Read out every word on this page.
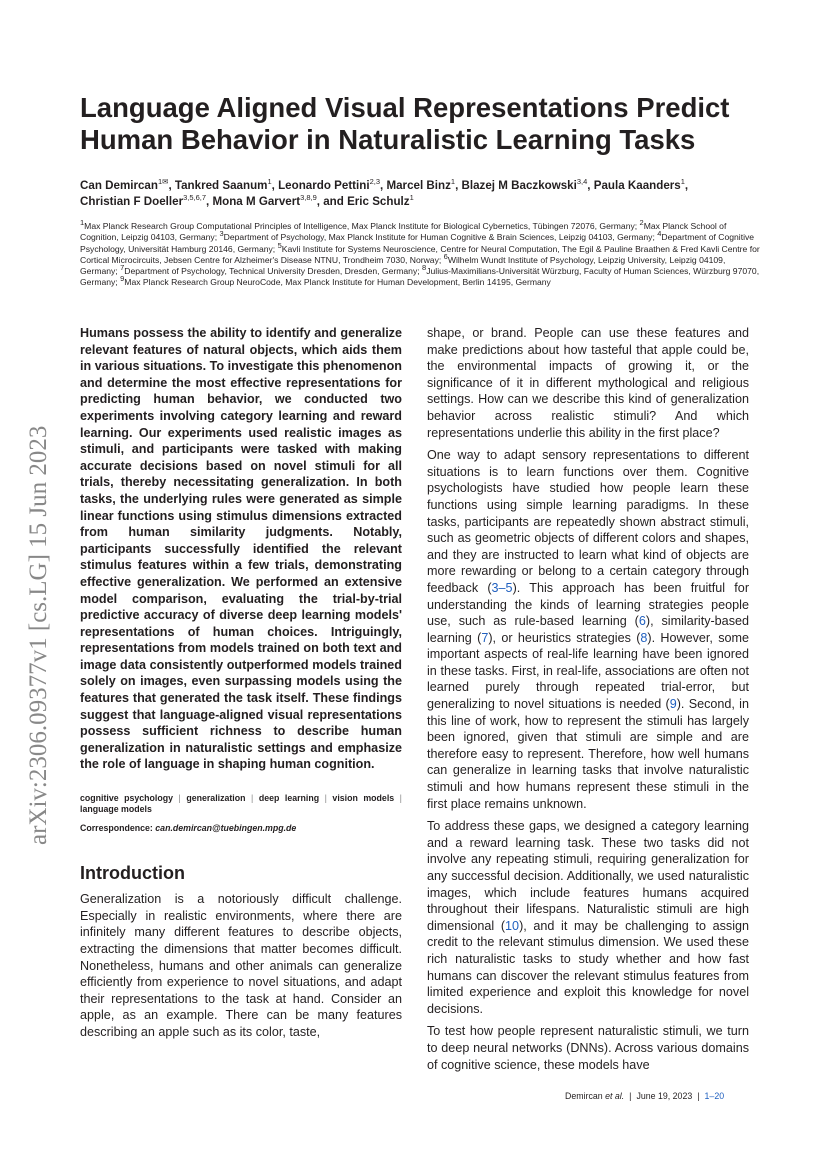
arXiv:2306.09377v1 [cs.LG] 15 Jun 2023
Language Aligned Visual Representations Predict Human Behavior in Naturalistic Learning Tasks
Can Demircan$^{1✉}$, Tankred Saanum$^1$, Leonardo Pettini$^{2,3}$, Marcel Binz$^1$, Blazej M Baczkowski$^{3,4}$, Paula Kaanders$^1$,
Christian F Doeller$^{3,5,6,7}$, Mona M Garvert$^{3,8,9}$, and Eric Schulz$^1$
$^1$Max Planck Research Group Computational Principles of Intelligence, Max Planck Institute for Biological Cybernetics, Tübingen 72076, Germany; $^2$Max Planck School of Cognition, Leipzig 04103, Germany; $^3$Department of Psychology, Max Planck Institute for Human Cognitive & Brain Sciences, Leipzig 04103, Germany; $^4$Department of Cognitive Psychology, Universität Hamburg 20146, Germany; $^5$Kavli Institute for Systems Neuroscience, Centre for Neural Computation, The Egil & Pauline Braathen & Fred Kavli Centre for Cortical Microcircuits, Jebsen Centre for Alzheimer's Disease NTNU, Trondheim 7030, Norway; $^6$Wilhelm Wundt Institute of Psychology, Leipzig University, Leipzig 04109, Germany; $^7$Department of Psychology, Technical University Dresden, Dresden, Germany; $^8$Julius-Maximilians-Universität Würzburg, Faculty of Human Sciences, Würzburg 97070, Germany; $^9$Max Planck Research Group NeuroCode, Max Planck Institute for Human Development, Berlin 14195, Germany

Humans possess the ability to identify and generalize relevant features of natural objects, which aids them in various situations. To investigate this phenomenon and determine the most effective representations for predicting human behavior, we conducted two experiments involving category learning and reward learning. Our experiments used realistic images as stimuli, and participants were tasked with making accurate decisions based on novel stimuli for all trials, thereby necessitating generalization. In both tasks, the underlying rules were generated as simple linear functions using stimulus dimensions extracted from human similarity judgments. Notably, participants successfully identified the relevant stimulus features within a few trials, demonstrating effective generalization. We performed an extensive model comparison, evaluating the trial-by-trial predictive accuracy of diverse deep learning models' representations of human choices. Intriguingly, representations from models trained on both text and image data consistently outperformed models trained solely on images, even surpassing models using the features that generated the task itself. These findings suggest that language-aligned visual representations possess sufficient richness to describe human generalization in naturalistic settings and emphasize the role of language in shaping human cognition.

cognitive psychology | generalization | deep learning | vision models | language models
Correspondence: can.demircan@tuebingen.mpg.de
Introduction

Generalization is a notoriously difficult challenge. Especially in realistic environments, where there are infinitely many different features to describe objects, extracting the dimensions that matter becomes difficult. Nonetheless, humans and other animals can generalize efficiently from experience to novel situations, and adapt their representations to the task at hand. Consider an apple, as an example. There can be many features describing an apple such as its color, taste,

shape, or brand. People can use these features and make predictions about how tasteful that apple could be, the environmental impacts of growing it, or the significance of it in different mythological and religious settings. How can we describe this kind of generalization behavior across realistic stimuli? And which representations underlie this ability in the first place?

One way to adapt sensory representations to different situations is to learn functions over them. Cognitive psychologists have studied how people learn these functions using simple learning paradigms. In these tasks, participants are repeatedly shown abstract stimuli, such as geometric objects of different colors and shapes, and they are instructed to learn what kind of objects are more rewarding or belong to a certain category through feedback (3–5). This approach has been fruitful for understanding the kinds of learning strategies people use, such as rule-based learning (6), similarity-based learning (7), or heuristics strategies (8). However, some important aspects of real-life learning have been ignored in these tasks. First, in real-life, associations are often not learned purely through repeated trial-error, but generalizing to novel situations is needed (9). Second, in this line of work, how to represent the stimuli has largely been ignored, given that stimuli are simple and are therefore easy to represent. Therefore, how well humans can generalize in learning tasks that involve naturalistic stimuli and how humans represent these stimuli in the first place remains unknown.

To address these gaps, we designed a category learning and a reward learning task. These two tasks did not involve any repeating stimuli, requiring generalization for any successful decision. Additionally, we used naturalistic images, which include features humans acquired throughout their lifespans. Naturalistic stimuli are high dimensional (10), and it may be challenging to assign credit to the relevant stimulus dimension. We used these rich naturalistic tasks to study whether and how fast humans can discover the relevant stimulus features from limited experience and exploit this knowledge for novel decisions.

To test how people represent naturalistic stimuli, we turn to deep neural networks (DNNs). Across various domains of cognitive science, these models have

Demircan et al. | June 19, 2023 | 1–20
